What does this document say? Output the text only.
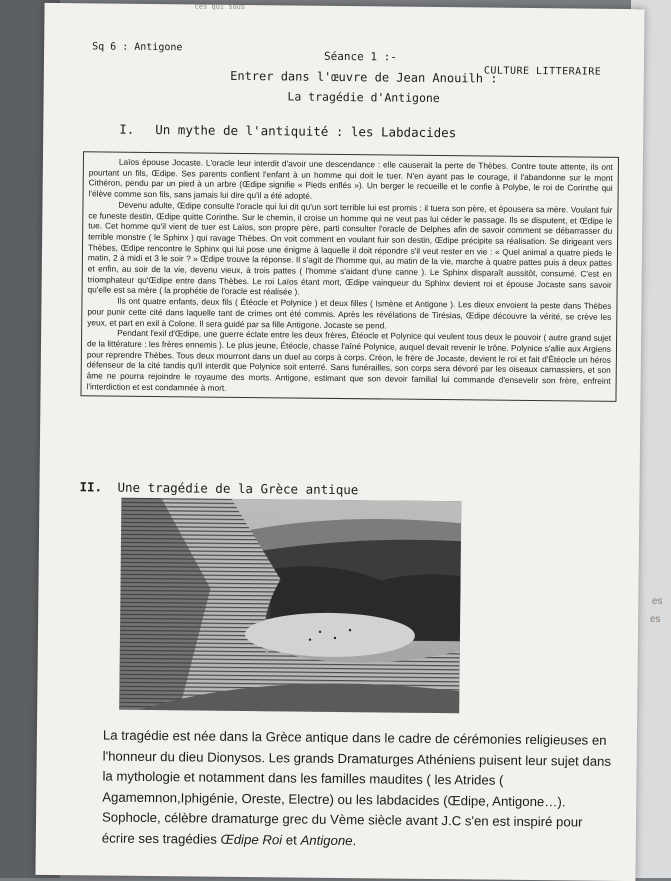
ces qui sous
Sq 6 : Antigone
Séance 1 :-
CULTURE LITTERAIRE
Entrer dans l'œuvre de Jean Anouilh :
La tragédie d'Antigone
I. Un mythe de l'antiquité : les Labdacides

Laïos épouse Jocaste. L'oracle leur interdit d'avoir une descendance : elle causerait la perte de Thèbes. Contre toute attente, ils ont pourtant un fils, Œdipe. Ses parents confient l'enfant à un homme qui doit le tuer. N'en ayant pas le courage, il l'abandonne sur le mont Cithéron, pendu par un pied à un arbre (Œdipe signifie « Pieds enflés »). Un berger le recueille et le confie à Polybe, le roi de Corinthe qui l'élève comme son fils, sans jamais lui dire qu'il a été adopté.

Devenu adulte, Œdipe consulte l'oracle qui lui dit qu'un sort terrible lui est promis : il tuera son père, et épousera sa mère. Voulant fuir ce funeste destin, Œdipe quitte Corinthe. Sur le chemin, il croise un homme qui ne veut pas lui céder le passage. Ils se disputent, et Œdipe le tue. Cet homme qu'il vient de tuer est Laïos, son propre père, parti consulter l'oracle de Delphes afin de savoir comment se débarrasser du terrible monstre ( le Sphinx ) qui ravage Thèbes. On voit comment en voulant fuir son destin, Œdipe précipite sa réalisation. Se dirigeant vers Thèbes, Œdipe rencontre le Sphinx qui lui pose une énigme à laquelle il doit répondre s'il veut rester en vie : « Quel animal a quatre pieds le matin, 2 à midi et 3 le soir ? » Œdipe trouve la réponse. Il s'agit de l'homme qui, au matin de la vie, marche à quatre pattes puis à deux pattes et enfin, au soir de la vie, devenu vieux, à trois pattes ( l'homme s'aidant d'une canne ). Le Sphinx disparaît aussitôt, consumé. C'est en triomphateur qu'Œdipe entre dans Thèbes. Le roi Laïos étant mort, Œdipe vainqueur du Sphinx devient roi et épouse Jocaste sans savoir qu'elle est sa mère ( la prophétie de l'oracle est réalisée ).

Ils ont quatre enfants, deux fils ( Étéocle et Polynice ) et deux filles ( Ismène et Antigone ). Les dieux envoient la peste dans Thèbes pour punir cette cité dans laquelle tant de crimes ont été commis. Après les révélations de Tirésias, Œdipe découvre la vérité, se crève les yeux, et part en exil à Colone. Il sera guidé par sa fille Antigone. Jocaste se pend.

Pendant l'exil d'Œdipe, une guerre éclate entre les deux frères, Étéocle et Polynice qui veulent tous deux le pouvoir ( autre grand sujet de la littérature : les frères ennemis ). Le plus jeune, Étéocle, chasse l'aîné Polynice, auquel devait revenir le trône. Polynice s'allie aux Argiens pour reprendre Thèbes. Tous deux mourront dans un duel au corps à corps. Créon, le frère de Jocaste, devient le roi et fait d'Étéocle un héros défenseur de la cité tandis qu'il interdit que Polynice soit enterré. Sans funérailles, son corps sera dévoré par les oiseaux carnassiers, et son âme ne pourra rejoindre le royaume des morts. Antigone, estimant que son devoir familial lui commande d'ensevelir son frère, enfreint l'interdiction et est condamnée à mort.

II. Une tragédie de la Grèce antique

La tragédie est née dans la Grèce antique dans le cadre de cérémonies religieuses en l'honneur du dieu Dionysos. Les grands Dramaturges Athéniens puisent leur sujet dans la mythologie et notamment dans les familles maudites ( les Atrides ( Agamemnon,Iphigénie, Oreste, Electre) ou les labdacides (Œdipe, Antigone…). Sophocle, célèbre dramaturge grec du Vème siècle avant J.C s'en est inspiré pour écrire ses tragédies Œdipe Roi et Antigone.

es
es
